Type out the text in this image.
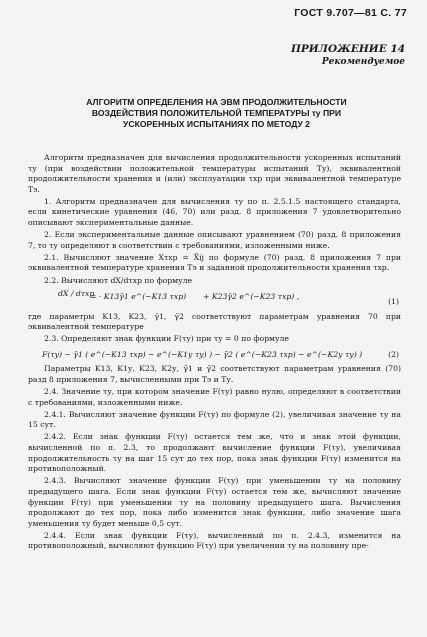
ГОСТ 9.707—81 С. 77
ПРИЛОЖЕНИЕ 14
Рекомендуемое
АЛГОРИТМ ОПРЕДЕЛЕНИЯ НА ЭВМ ПРОДОЛЖИТЕЛЬНОСТИ
ВОЗДЕЙСТВИЯ ПОЛОЖИТЕЛЬНОЙ ТЕМПЕРАТУРЫ τу ПРИ
УСКОРЕННЫХ ИСПЫТАНИЯХ ПО МЕТОДУ 2

Алгоритм предназначен для вычисления продолжительности ускоренных испытаний τу (при воздействии положительной температуры испытаний Ту), эквивалентной продолжительности хранения и (или) эксплуатации τхр при эквивалентной температуре Тэ.

1. Алгоритм предназначен для вычисления τу по п. 2.5.1.5 настоящего стандарта, если кинетические уравнения (46, 70) или разд. 8 приложения 7 удовлетворительно описывают экспериментальные данные.

2. Если экспериментальные данные описывают уравнением (70) разд. 8 приложения 7, то τу определяют в соответствии с требованиями, изложенными ниже.

2.1. Вычисляют значение Xτхр = X̄ij по формуле (70) разд. 8 приложения 7 при эквивалентной температуре хранения Тэ и заданной продолжительности хранения τхр.

2.2. Вычисляют dX/dτхр по формуле

dX / dτхр
= · K13γ̄1 e^(−K13 τхр) + K23γ̄2 e^(−K23 τхр) ,
(1)

где параметры K13, K23, γ̄1, γ̄2 соответствуют параметрам уравнения 70 при эквивалентной температуре

2.3. Определяют знак функции F(τу) при τу = 0 по формуле

F(τу) − γ̄1 ( e^(−K13 τхр) − e^(−K1у τу) ) − γ̄2 ( e^(−K23 τхр) − e^(−K2у τу) )	(2)

Параметры K13, K1у, K23, K2у, γ̄1 и γ̄2 соответствуют параметрам уравнения (70) разд 8 приложения 7, вычисленными при Тэ и Ту.

2.4. Значение τу, при котором значение F(τу) равно нулю, определяют в соответствии с требованиями, изложенными ниже.

2.4.1. Вычисляют значение функции F(τу) по формуле (2), увеличивая значение τу на 15 сут.

2.4.2. Если знак функции F(τу) остается тем же, что и знак этой функции, вычисленной по п. 2.3, то продолжают вычисление функции F(τу), увеличивая продолжительность τу на шаг 15 сут до тех пор, пока знак функции F(τу) изменится на противоположный.

2.4.3. Вычисляют значение функции F(τу) при уменьшении τу на половину предыдущего шага. Если знак функции F(τу) остается тем же, вычисляют значение функции F(τу) при уменьшении τу на половину предыдущего шага. Вычисления продолжают до тех пор, пока либо изменится знак функции, либо значение шага уменьшения τу будет меньше 0,5 сут.

2.4.4. Если знак функции F(τу), вычисленный по п. 2.4.3, изменится на противоположный, вычисляют функцию F(τу) при увеличении τу на половину пре-
